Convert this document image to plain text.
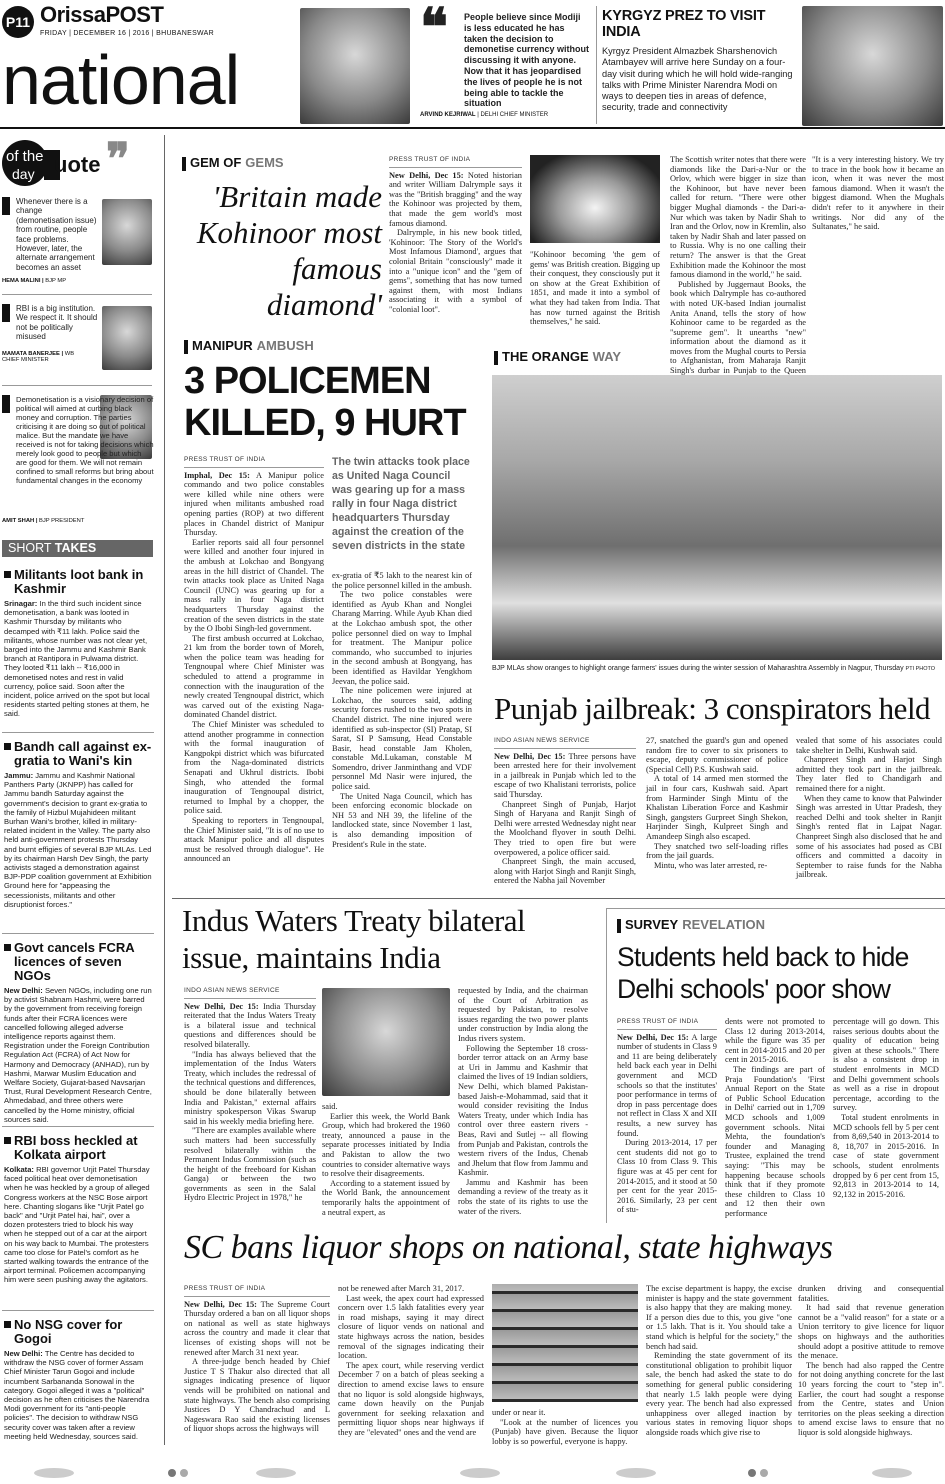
P11 OrissaPOST
FRIDAY | DECEMBER 16 | 2016 | BHUBANESWAR
national
❝ People believe since Modiji is less educated he has taken the decision to demonetise currency without discussing it with anyone. Now that it has jeopardised the lives of people he is not being able to tackle the situation
ARVIND KEJRIWAL | DELHI CHIEF MINISTER
KYRGYZ PREZ TO VISIT INDIA
Kyrgyz President Almazbek Sharshenovich Atambayev will arrive here Sunday on a four-day visit during which he will hold wide-ranging talks with Prime Minister Narendra Modi on ways to deepen ties in areas of defence, security, trade and connectivity
of the
day uote ❞
Whenever there is a change (demonetisation issue) from routine, people face problems. However, later, the alternate arrangement becomes an asset
HEMA MALINI | BJP MP
RBI is a big institution. We respect it. It should not be politically misused
MAMATA BANERJEE | WB CHIEF MINISTER
Demonetisation is a visionary decision of political will aimed at curbing black money and corruption. The parties criticising it are doing so out of political malice. But the mandate we have received is not for taking decisions which merely look good to people but which are good for them. We will not remain confined to small reforms but bring about fundamental changes in the economy
AMIT SHAH | BJP PRESIDENT
SHORT TAKES
Militants loot bank in Kashmir
Srinagar: In the third such incident since demonetisation, a bank was looted in Kashmir Thursday by militants who decamped with ₹11 lakh. Police said the militants, whose number was not clear yet, barged into the Jammu and Kashmir Bank branch at Rantipora in Pulwama district. They looted ₹11 lakh -- ₹16,000 in demonetised notes and rest in valid currency, police said. Soon after the incident, police arrived on the spot but local residents started pelting stones at them, he said.
Bandh call against ex-gratia to Wani's kin
Jammu: Jammu and Kashmir National Panthers Party (JKNPP) has called for Jammu bandh Saturday against the government's decision to grant ex-gratia to the family of Hizbul Mujahideen militant Burhan Wani's brother, killed in military-related incident in the Valley. The party also held anti-government protests Thursday and burnt effigies of several BJP MLAs. Led by its chairman Harsh Dev Singh, the party activists staged a demonstration against BJP-PDP coalition government at Exhibition Ground here for "appeasing the secessionists, militants and other disruptionist forces."
Govt cancels FCRA licences of seven NGOs
New Delhi: Seven NGOs, including one run by activist Shabnam Hashmi, were barred by the government from receiving foreign funds after their FCRA licences were cancelled following alleged adverse intelligence reports against them. Registration under the Foreign Contribution Regulation Act (FCRA) of Act Now for Harmony and Democracy (ANHAD), run by Hashmi, Marwar Muslim Education and Welfare Society, Gujarat-based Navsarjan Trust, Rural Development Research Centre, Ahmedabad, and three others were cancelled by the Home ministry, official sources said.
RBI boss heckled at Kolkata airport
Kolkata: RBI governor Urjit Patel Thursday faced political heat over demonetisation when he was heckled by a group of alleged Congress workers at the NSC Bose airport here. Chanting slogans like "Urjit Patel go back" and "Urjit Patel hai, hai", over a dozen protesters tried to block his way when he stepped out of a car at the airport on his way back to Mumbai. The protesters came too close for Patel's comfort as he started walking towards the entrance of the airport terminal. Policemen accompanying him were seen pushing away the agitators.
No NSG cover for Gogoi
New Delhi: The Centre has decided to withdraw the NSG cover of former Assam Chief Minister Tarun Gogoi and include incumbent Sarbananda Sonowal in the category. Gogoi alleged it was a "political" decision as he often criticises the Narendra Modi government for its "anti-people policies". The decision to withdraw NSG security cover was taken after a review meeting held Wednesday, sources said.
GEM OF GEMS
'Britain made Kohinoor most famous diamond'
PRESS TRUST OF INDIA

New Delhi, Dec 15: Noted historian and writer William Dalrymple says it was the "British bragging" and the way the Kohinoor was projected by them, that made the gem world's most famous diamond.

Dalrymple, in his new book titled, 'Kohinoor: The Story of the World's Most Infamous Diamond', argues that colonial Britain "consciously" made it into a "unique icon" and the "gem of gems", something that has now turned against them, with most Indians associating it with a symbol of "colonial loot".

"Kohinoor becoming 'the gem of gems' was British creation. Bigging up their conquest, they consciously put it on show at the Great Exhibition of 1851, and made it into a symbol of what they had taken from India. That has now turned against the British themselves," he said.

The Scottish writer notes that there were diamonds like the Dari-a-Nur or the Orlov, which were bigger in size than the Kohinoor, but have never been called for return. "There were other bigger Mughal diamonds - the Dari-a-Nur which was taken by Nadir Shah to Iran and the Orlov, now in Kremlin, also taken by Nadir Shah and later passed on to Russia. Why is no one calling their return? The answer is that the Great Exhibition made the Kohinoor the most famous diamond in the world," he said.

Published by Juggernaut Books, the book which Dalrymple has co-authored with noted UK-based Indian journalist Anita Anand, tells the story of how Kohinoor came to be regarded as the "supreme gem". It unearths "new" information about the diamond as it moves from the Mughal courts to Persia to Afghanistan, from Maharaja Ranjit Singh's durbar in Punjab to the Queen

"It is a very interesting history. We try to trace in the book how it became an icon, when it was never the most famous diamond. When it wasn't the biggest diamond. When the Mughals didn't refer to it anywhere in their writings. Nor did any of the Sultanates," he said.

MANIPUR AMBUSH
3 POLICEMEN KILLED, 9 HURT
PRESS TRUST OF INDIA

Imphal, Dec 15: A Manipur police commando and two police constables were killed while nine others were injured when militants ambushed road opening parties (ROP) at two different places in Chandel district of Manipur Thursday.

Earlier reports said all four personnel were killed and another four injured in the ambush at Lokchao and Bongyang areas in the hill district of Chandel. The twin attacks took place as United Naga Council (UNC) was gearing up for a mass rally in four Naga district headquarters Thursday against the creation of the seven districts in the state by the O Ibobi Singh-led government.

The first ambush occurred at Lokchao, 21 km from the border town of Moreh, when the police team was heading for Tengnoupal where Chief Minister was scheduled to attend a programme in connection with the inauguration of the newly created Tengnoupal district, which was carved out of the existing Naga-dominated Chandel district.

The Chief Minister was scheduled to attend another programme in connection with the formal inauguration of Kangpokpi district which was bifurcated from the Naga-dominated districts Senapati and Ukhrul districts. Ibobi Singh, who attended the formal inauguration of Tengnoupal district, returned to Imphal by a chopper, the police said.

Speaking to reporters in Tengnoupal, the Chief Minister said, "It is of no use to attack Manipur police and all disputes must be resolved through dialogue". He announced an

The twin attacks took place as United Naga Council was gearing up for a mass rally in four Naga district headquarters Thursday against the creation of the seven districts in the state

ex-gratia of ₹5 lakh to the nearest kin of the police personnel killed in the ambush.

The two police constables were identified as Ayub Khan and Nonglei Charang Marring. While Ayub Khan died at the Lokchao ambush spot, the other police personnel died on way to Imphal for treatment. The Manipur police commando, who succumbed to injuries in the second ambush at Bongyang, has been identified as Havildar Yengkhom Jeevan, the police said.

The nine policemen were injured at Lokchao, the sources said, adding security forces rushed to the two spots in Chandel district. The nine injured were identified as sub-inspector (SI) Pratap, SI Sarat, SI P Samsung, Head Constable Basir, head constable Jam Kholen, constable Md.Lukaman, constable M Somendro, driver Janminthang and VDF personnel Md Nasir were injured, the police said.

The United Naga Council, which has been enforcing economic blockade on NH 53 and NH 39, the lifeline of the landlocked state, since November 1 last, is also demanding imposition of President's Rule in the state.

THE ORANGE WAY
BJP MLAs show oranges to highlight orange farmers' issues during the winter session of Maharashtra Assembly in Nagpur, Thursday PTI PHOTO
Punjab jailbreak: 3 conspirators held
INDO ASIAN NEWS SERVICE

New Delhi, Dec 15: Three persons have been arrested here for their involvement in a jailbreak in Punjab which led to the escape of two Khalistani terrorists, police said Thursday.

Chanpreet Singh of Punjab, Harjot Singh of Haryana and Ranjit Singh of Delhi were arrested Wednesday night near the Moolchand flyover in south Delhi. They tried to open fire but were overpowered, a police officer said.

Chanpreet Singh, the main accused, along with Harjot Singh and Ranjit Singh, entered the Nabha jail November

27, snatched the guard's gun and opened random fire to cover to six prisoners to escape, deputy commissioner of police (Special Cell) P.S. Kushwah said.

A total of 14 armed men stormed the jail in four cars, Kushwah said. Apart from Harminder Singh Mintu of the Khalistan Liberation Force and Kashmir Singh, gangsters Gurpreet Singh Shekon, Harjinder Singh, Kulpreet Singh and Amandeep Singh also escaped.

They snatched two self-loading rifles from the jail guards.

Mintu, who was later arrested, re-

vealed that some of his associates could take shelter in Delhi, Kushwah said.

Chanpreet Singh and Harjot Singh admitted they took part in the jailbreak. They later fled to Chandigarh and remained there for a night.

When they came to know that Palwinder Singh was arrested in Uttar Pradesh, they reached Delhi and took shelter in Ranjit Singh's rented flat in Lajpat Nagar. Chanpreet Singh also disclosed that he and some of his associates had posed as CBI officers and committed a dacoity in September to raise funds for the Nabha jailbreak.

Indus Waters Treaty bilateral issue, maintains India
INDO ASIAN NEWS SERVICE

New Delhi, Dec 15: India Thursday reiterated that the Indus Waters Treaty is a bilateral issue and technical questions and differences should be resolved bilaterally.

"India has always believed that the implementation of the Indus Waters Treaty, which includes the redressal of the technical questions and differences, should be done bilaterally between India and Pakistan," external affairs ministry spokesperson Vikas Swarup said in his weekly media briefing here.

"There are examples available where such matters had been successfully resolved bilaterally within the Permanent Indus Commission (such as the height of the freeboard for Kishan Ganga) or between the two governments as seen in the Salal Hydro Electric Project in 1978," he

said.

Earlier this week, the World Bank Group, which had brokered the 1960 treaty, announced a pause in the separate processes initiated by India and Pakistan to allow the two countries to consider alternative ways to resolve their disagreements.

According to a statement issued by the World Bank, the announcement temporarily halts the appointment of a neutral expert, as

requested by India, and the chairman of the Court of Arbitration as requested by Pakistan, to resolve issues regarding the two power plants under construction by India along the Indus rivers system.

Following the September 18 cross-border terror attack on an Army base at Uri in Jammu and Kashmir that claimed the lives of 19 Indian soldiers, New Delhi, which blamed Pakistan-based Jaish-e-Mohammad, said that it would consider revisiting the Indus Waters Treaty, under which India has control over three eastern rivers - Beas, Ravi and Sutlej -- all flowing from Punjab and Pakistan, controls the western rivers of the Indus, Chenab and Jhelum that flow from Jammu and Kashmir.

Jammu and Kashmir has been demanding a review of the treaty as it robs the state of its rights to use the water of the rivers.

SURVEY REVELATION
Students held back to hide Delhi schools' poor show
PRESS TRUST OF INDIA

New Delhi, Dec 15: A large number of students in Class 9 and 11 are being deliberately held back each year in Delhi government and MCD schools so that the institutes' poor performance in terms of drop in pass percentage does not reflect in Class X and XII results, a new survey has found.

During 2013-2014, 17 per cent students did not go to Class 10 from Class 9. This figure was at 45 per cent for 2014-2015, and it stood at 50 per cent for the year 2015-2016. Similarly, 23 per cent of stu-

dents were not promoted to Class 12 during 2013-2014, while the figure was 35 per cent in 2014-2015 and 20 per cent in 2015-2016.

The findings are part of Praja Foundation's 'First Annual Report on the State of Public School Education in Delhi' carried out in 1,709 MCD schools and 1,009 government schools. Nitai Mehta, the foundation's founder and Managing Trustee, explained the trend saying: "This may be happening because schools think that if they promote these children to Class 10 and 12 then their own performance

percentage will go down. This raises serious doubts about the quality of education being given at these schools." There is also a consistent drop in student enrolments in MCD and Delhi government schools as well as a rise in dropout percentage, according to the survey.

Total student enrolments in MCD schools fell by 5 per cent from 8,69,540 in 2013-2014 to 8, 18,707 in 2015-2016. In case of state government schools, student enrolments dropped by 6 per cent from 15, 92,813 in 2013-2014 to 14, 92,132 in 2015-2016.

SC bans liquor shops on national, state highways
PRESS TRUST OF INDIA

New Delhi, Dec 15: The Supreme Court Thursday ordered a ban on all liquor shops on national as well as state highways across the country and made it clear that licenses of existing shops will not be renewed after March 31 next year.

A three-judge bench headed by Chief Justice T S Thakur also directed that all signages indicating presence of liquor vends will be prohibited on national and state highways. The bench also comprising Justices D Y Chandrachud and L Nageswara Rao said the existing licenses of liquor shops across the highways will

not be renewed after March 31, 2017.

Last week, the apex court had expressed concern over 1.5 lakh fatalities every year in road mishaps, saying it may direct closure of liquor vends on national and state highways across the nation, besides removal of the signages indicating their location.

The apex court, while reserving verdict December 7 on a batch of pleas seeking a direction to amend excise laws to ensure that no liquor is sold alongside highways, came down heavily on the Punjab government for seeking relaxation and permitting liquor shops near highways if they are "elevated" ones and the vend are

under or near it.

"Look at the number of licences you (Punjab) have given. Because the liquor lobby is so powerful, everyone is happy.

The excise department is happy, the excise minister is happy and the state government is also happy that they are making money. If a person dies due to this, you give "one or 1.5 lakh. That is it. You should take a stand which is helpful for the society," the bench had said.

Reminding the state government of its constitutional obligation to prohibit liquor sale, the bench had asked the state to do something for general public considering that nearly 1.5 lakh people were dying every year. The bench had also expressed unhappiness over alleged inaction by various states in removing liquor shops alongside roads which give rise to

drunken driving and consequential fatalities.

It had said that revenue generation cannot be a "valid reason" for a state or a Union territory to give licence for liquor shops on highways and the authorities should adopt a positive attitude to remove the menace.

The bench had also rapped the Centre for not doing anything concrete for the last 10 years forcing the court to "step in". Earlier, the court had sought a response from the Centre, states and Union territories on the pleas seeking a direction to amend excise laws to ensure that no liquor is sold alongside highways.
